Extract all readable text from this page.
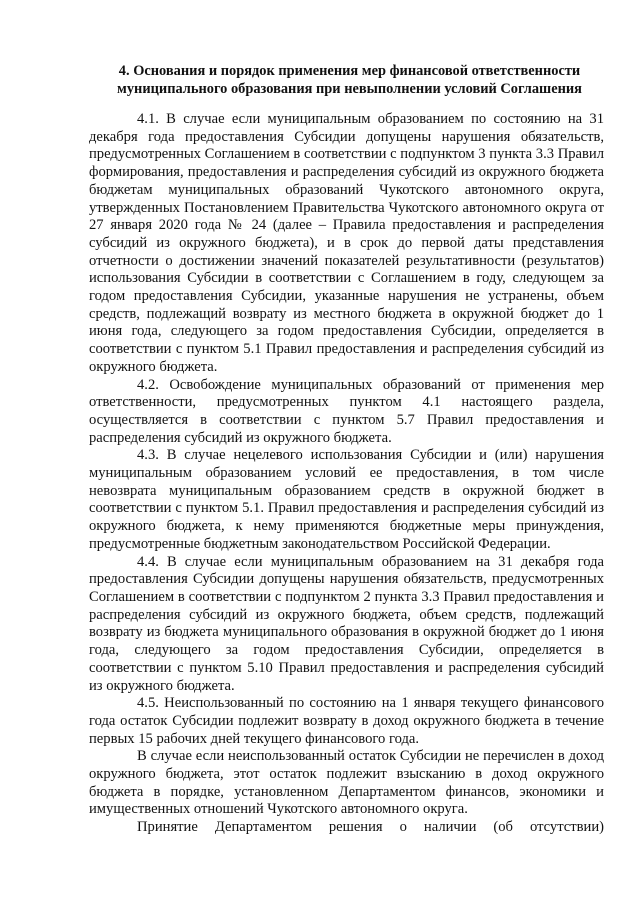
4. Основания и порядок применения мер финансовой ответственности
муниципального образования при невыполнении условий Соглашения

4.1. В случае если муниципальным образованием по состоянию на 31 декабря года предоставления Субсидии допущены нарушения обязательств, предусмотренных Соглашением в соответствии с подпунктом 3 пункта 3.3 Правил формирования, предоставления и распределения субсидий из окружного бюджета бюджетам муниципальных образований Чукотского автономного округа, утвержденных Постановлением Правительства Чукотского автономного округа от 27 января 2020 года № 24 (далее – Правила предоставления и распределения субсидий из окружного бюджета), и в срок до первой даты представления отчетности о достижении значений показателей результативности (результатов) использования Субсидии в соответствии с Соглашением в году, следующем за годом предоставления Субсидии, указанные нарушения не устранены, объем средств, подлежащий возврату из местного бюджета в окружной бюджет до 1 июня года, следующего за годом предоставления Субсидии, определяется в соответствии с пунктом 5.1 Правил предоставления и распределения субсидий из окружного бюджета.

4.2. Освобождение муниципальных образований от применения мер ответственности, предусмотренных пунктом 4.1 настоящего раздела, осуществляется в соответствии с пунктом 5.7 Правил предоставления и распределения субсидий из окружного бюджета.

4.3. В случае нецелевого использования Субсидии и (или) нарушения муниципальным образованием условий ее предоставления, в том числе невозврата муниципальным образованием средств в окружной бюджет в соответствии с пунктом 5.1. Правил предоставления и распределения субсидий из окружного бюджета, к нему применяются бюджетные меры принуждения, предусмотренные бюджетным законодательством Российской Федерации.

4.4. В случае если муниципальным образованием на 31 декабря года предоставления Субсидии допущены нарушения обязательств, предусмотренных Соглашением в соответствии с подпунктом 2 пункта 3.3 Правил предоставления и распределения субсидий из окружного бюджета, объем средств, подлежащий возврату из бюджета муниципального образования в окружной бюджет до 1 июня года, следующего за годом предоставления Субсидии, определяется в соответствии с пунктом 5.10 Правил предоставления и распределения субсидий из окружного бюджета.

4.5. Неиспользованный по состоянию на 1 января текущего финансового года остаток Субсидии подлежит возврату в доход окружного бюджета в течение первых 15 рабочих дней текущего финансового года.

В случае если неиспользованный остаток Субсидии не перечислен в доход окружного бюджета, этот остаток подлежит взысканию в доход окружного бюджета в порядке, установленном Департаментом финансов, экономики и имущественных отношений Чукотского автономного округа.

Принятие Департаментом решения о наличии (об отсутствии)
